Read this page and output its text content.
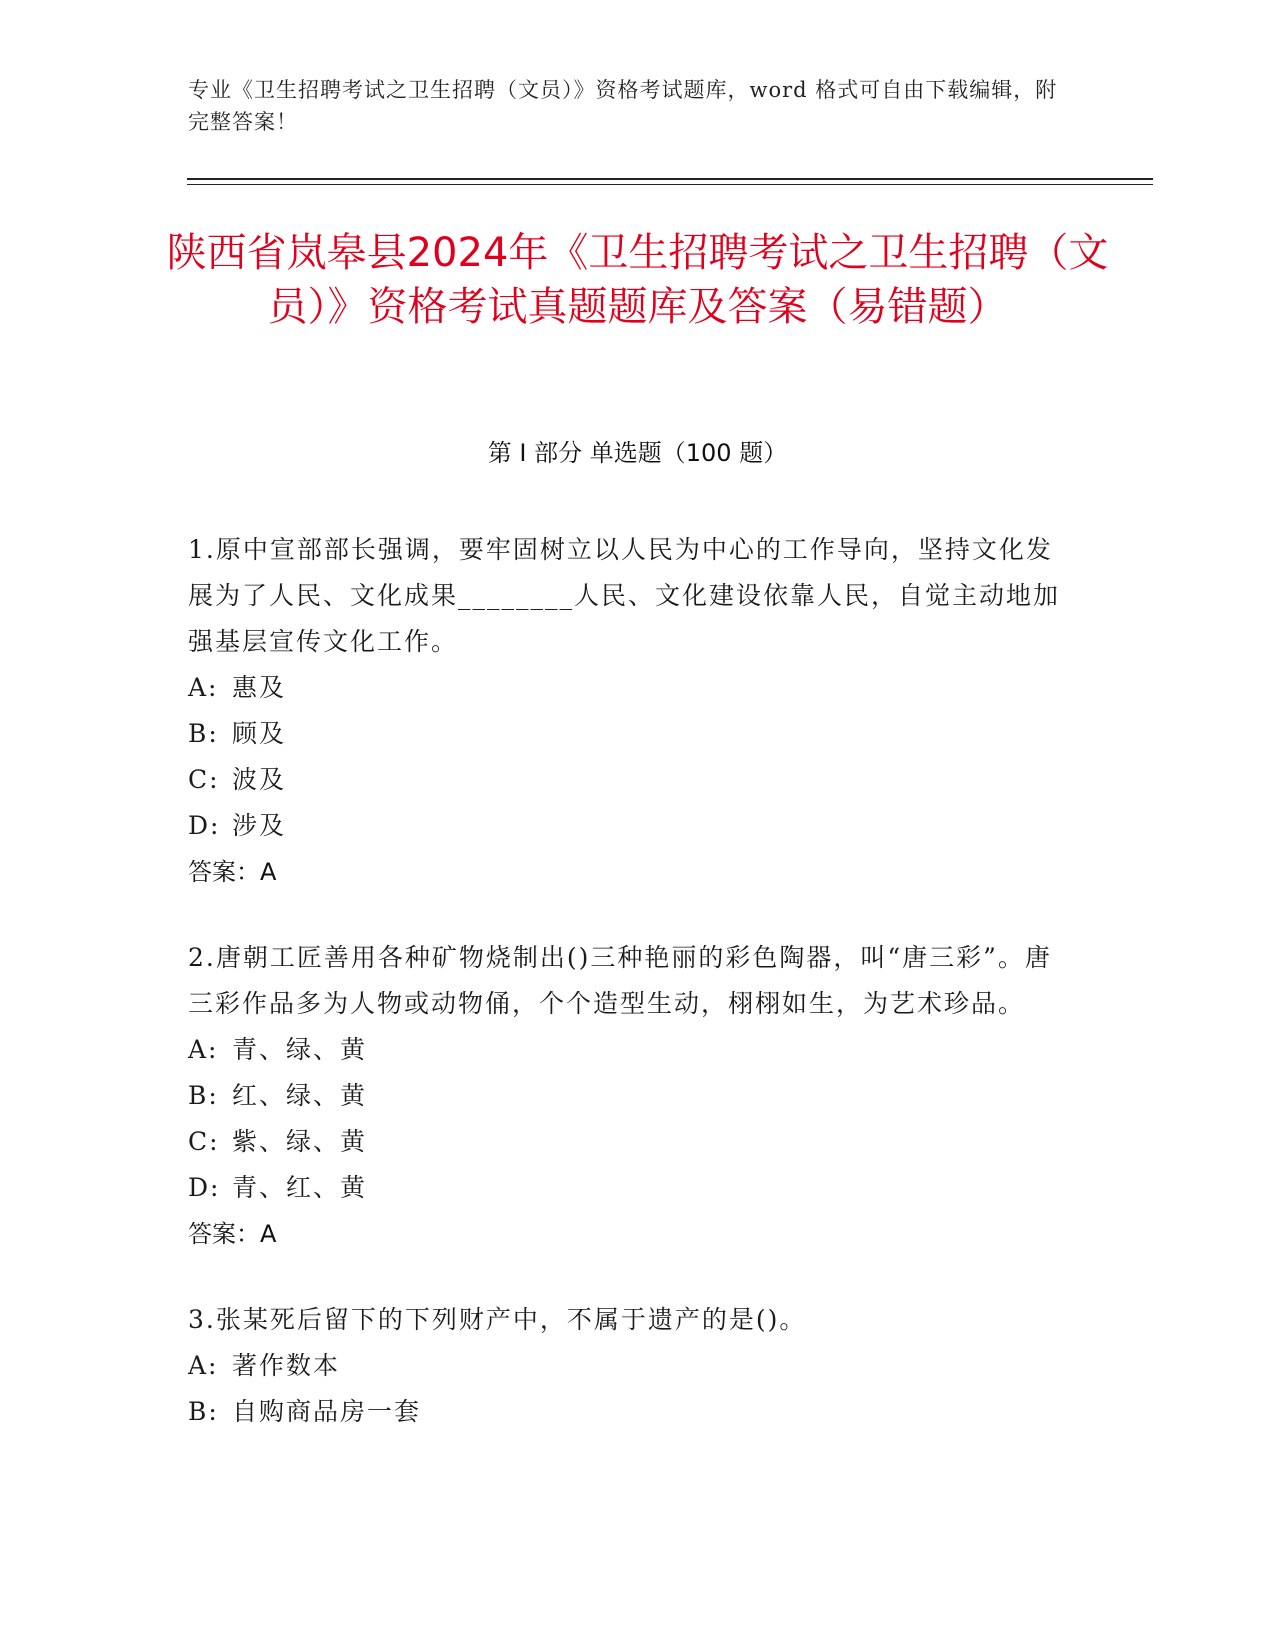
专业《卫生招聘考试之卫生招聘（文员）》资格考试题库，word 格式可自由下载编辑，附完整答案！
陕西省岚皋县2024年《卫生招聘考试之卫生招聘（文员）》资格考试真题题库及答案（易错题）
第 I 部分 单选题（100 题）
1.原中宣部部长强调，要牢固树立以人民为中心的工作导向，坚持文化发展为了人民、文化成果________人民、文化建设依靠人民，自觉主动地加强基层宣传文化工作。
A: 惠及
B: 顾及
C: 波及
D: 涉及
答案：A
2.唐朝工匠善用各种矿物烧制出()三种艳丽的彩色陶器，叫“唐三彩”。唐三彩作品多为人物或动物俑，个个造型生动，栩栩如生，为艺术珍品。
A: 青、绿、黄
B: 红、绿、黄
C: 紫、绿、黄
D: 青、红、黄
答案：A
3.张某死后留下的下列财产中，不属于遗产的是()。
A: 著作数本
B: 自购商品房一套
